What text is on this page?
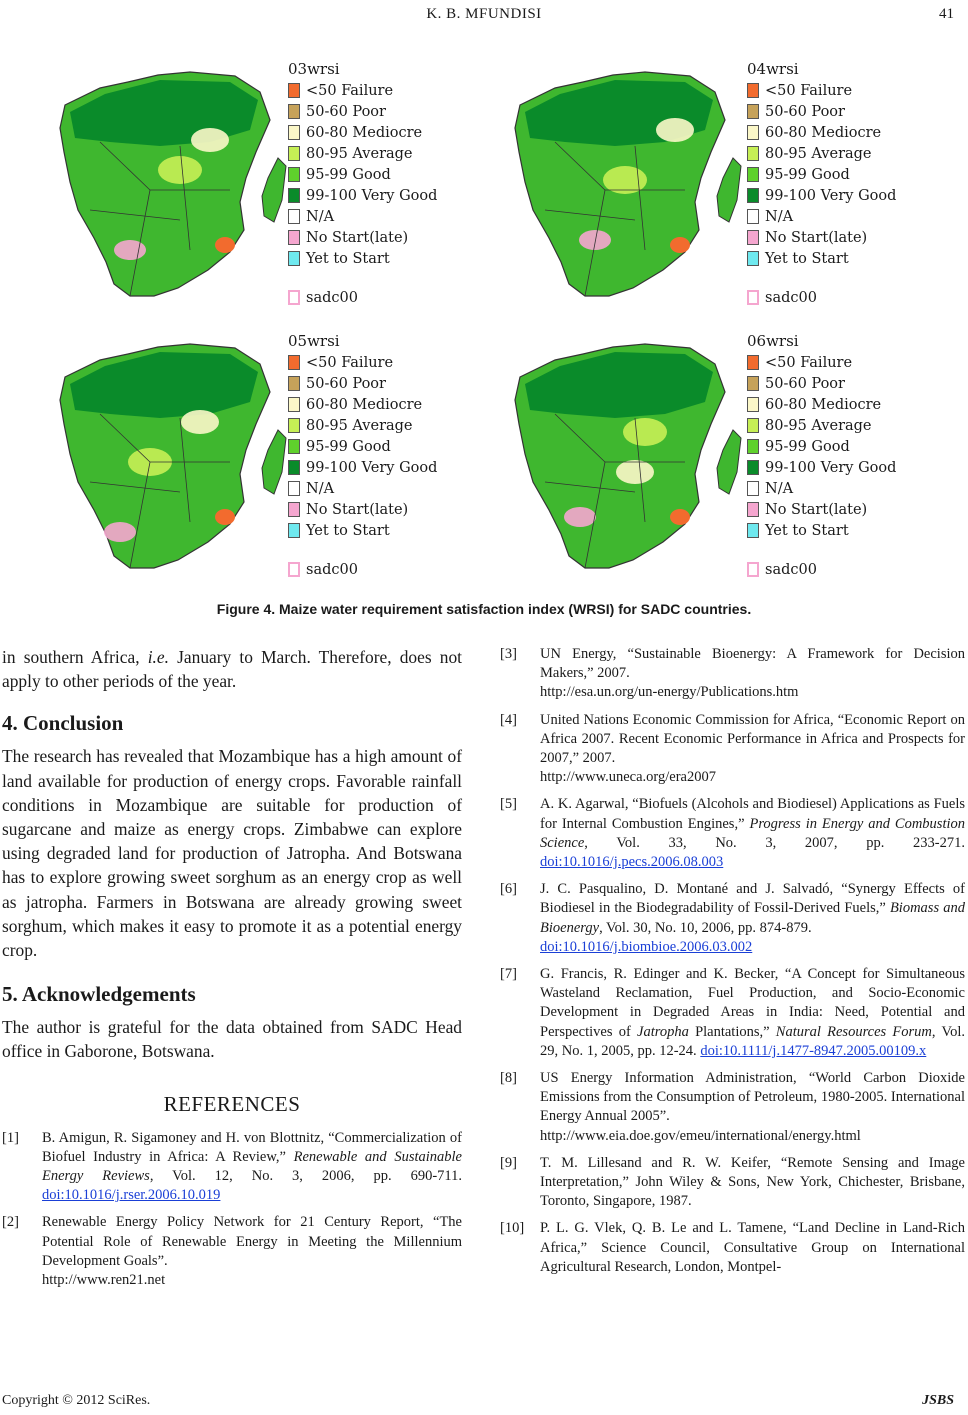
K. B. MFUNDISI	41
03wrsi
<50 Failure
50-60 Poor
60-80 Mediocre
80-95 Average
95-99 Good
99-100 Very Good
N/A
No Start(late)
Yet to Start
sadc00
04wrsi
<50 Failure
50-60 Poor
60-80 Mediocre
80-95 Average
95-99 Good
99-100 Very Good
N/A
No Start(late)
Yet to Start
sadc00
05wrsi
<50 Failure
50-60 Poor
60-80 Mediocre
80-95 Average
95-99 Good
99-100 Very Good
N/A
No Start(late)
Yet to Start
sadc00
06wrsi
<50 Failure
50-60 Poor
60-80 Mediocre
80-95 Average
95-99 Good
99-100 Very Good
N/A
No Start(late)
Yet to Start
sadc00
Figure 4. Maize water requirement satisfaction index (WRSI) for SADC countries.

in southern Africa, i.e. January to March. Therefore, does not apply to other periods of the year.

4. Conclusion

The research has revealed that Mozambique has a high amount of land available for production of energy crops. Favorable rainfall conditions in Mozambique are suitable for production of sugarcane and maize as energy crops. Zimbabwe can explore using degraded land for production of Jatropha. And Botswana has to explore growing sweet sorghum as an energy crop as well as jatropha. Farmers in Botswana are already growing sweet sorghum, which makes it easy to promote it as a potential energy crop.

5. Acknowledgements

The author is grateful for the data obtained from SADC Head office in Gaborone, Botswana.

REFERENCES
[1]	B. Amigun, R. Sigamoney and H. von Blottnitz, “Commercialization of Biofuel Industry in Africa: A Review,” Renewable and Sustainable Energy Reviews, Vol. 12, No. 3, 2006, pp. 690-711. doi:10.1016/j.rser.2006.10.019
[2]	Renewable Energy Policy Network for 21 Century Report, “The Potential Role of Renewable Energy in Meeting the Millennium Development Goals”.
http://www.ren21.net
[3]	UN Energy, “Sustainable Bioenergy: A Framework for Decision Makers,” 2007.
http://esa.un.org/un-energy/Publications.htm
[4]	United Nations Economic Commission for Africa, “Economic Report on Africa 2007. Recent Economic Performance in Africa and Prospects for 2007,” 2007.
http://www.uneca.org/era2007
[5]	A. K. Agarwal, “Biofuels (Alcohols and Biodiesel) Applications as Fuels for Internal Combustion Engines,” Progress in Energy and Combustion Science, Vol. 33, No. 3, 2007, pp. 233-271. doi:10.1016/j.pecs.2006.08.003
[6]	J. C. Pasqualino, D. Montané and J. Salvadó, “Synergy Effects of Biodiesel in the Biodegradability of Fossil-Derived Fuels,” Biomass and Bioenergy, Vol. 30, No. 10, 2006, pp. 874-879.
doi:10.1016/j.biombioe.2006.03.002
[7]	G. Francis, R. Edinger and K. Becker, “A Concept for Simultaneous Wasteland Reclamation, Fuel Production, and Socio-Economic Development in Degraded Areas in India: Need, Potential and Perspectives of Jatropha Plantations,” Natural Resources Forum, Vol. 29, No. 1, 2005, pp. 12-24. doi:10.1111/j.1477-8947.2005.00109.x
[8]	US Energy Information Administration, “World Carbon Dioxide Emissions from the Consumption of Petroleum, 1980-2005. International Energy Annual 2005”.
http://www.eia.doe.gov/emeu/international/energy.html
[9]	T. M. Lillesand and R. W. Keifer, “Remote Sensing and Image Interpretation,” John Wiley & Sons, New York, Chichester, Brisbane, Toronto, Singapore, 1987.
[10]	P. L. G. Vlek, Q. B. Le and L. Tamene, “Land Decline in Land-Rich Africa,” Science Council, Consultative Group on International Agricultural Research, London, Montpel-
Copyright © 2012 SciRes.	JSBS
